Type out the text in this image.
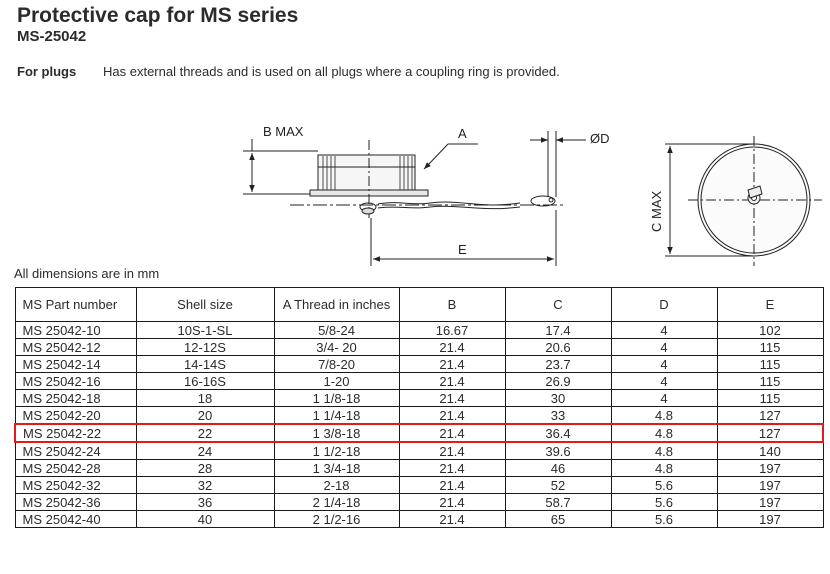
Protective cap for MS series
MS-25042
For plugs Has external threads and is used on all plugs where a coupling ring is provided.
B MAX	A	ØD
E
C MAX
All dimensions are in mm
MS Part number	Shell size	A Thread in inches	B	C	D	E
MS 25042-10	10S-1-SL	5/8-24	16.67	17.4	4	102
MS 25042-12	12-12S	3/4- 20	21.4	20.6	4	115
MS 25042-14	14-14S	7/8-20	21.4	23.7	4	115
MS 25042-16	16-16S	1-20	21.4	26.9	4	115
MS 25042-18	18	1 1/8-18	21.4	30	4	115
MS 25042-20	20	1 1/4-18	21.4	33	4.8	127
MS 25042-22	22	1 3/8-18	21.4	36.4	4.8	127
MS 25042-24	24	1 1/2-18	21.4	39.6	4.8	140
MS 25042-28	28	1 3/4-18	21.4	46	4.8	197
MS 25042-32	32	2-18	21.4	52	5.6	197
MS 25042-36	36	2 1/4-18	21.4	58.7	5.6	197
MS 25042-40	40	2 1/2-16	21.4	65	5.6	197
